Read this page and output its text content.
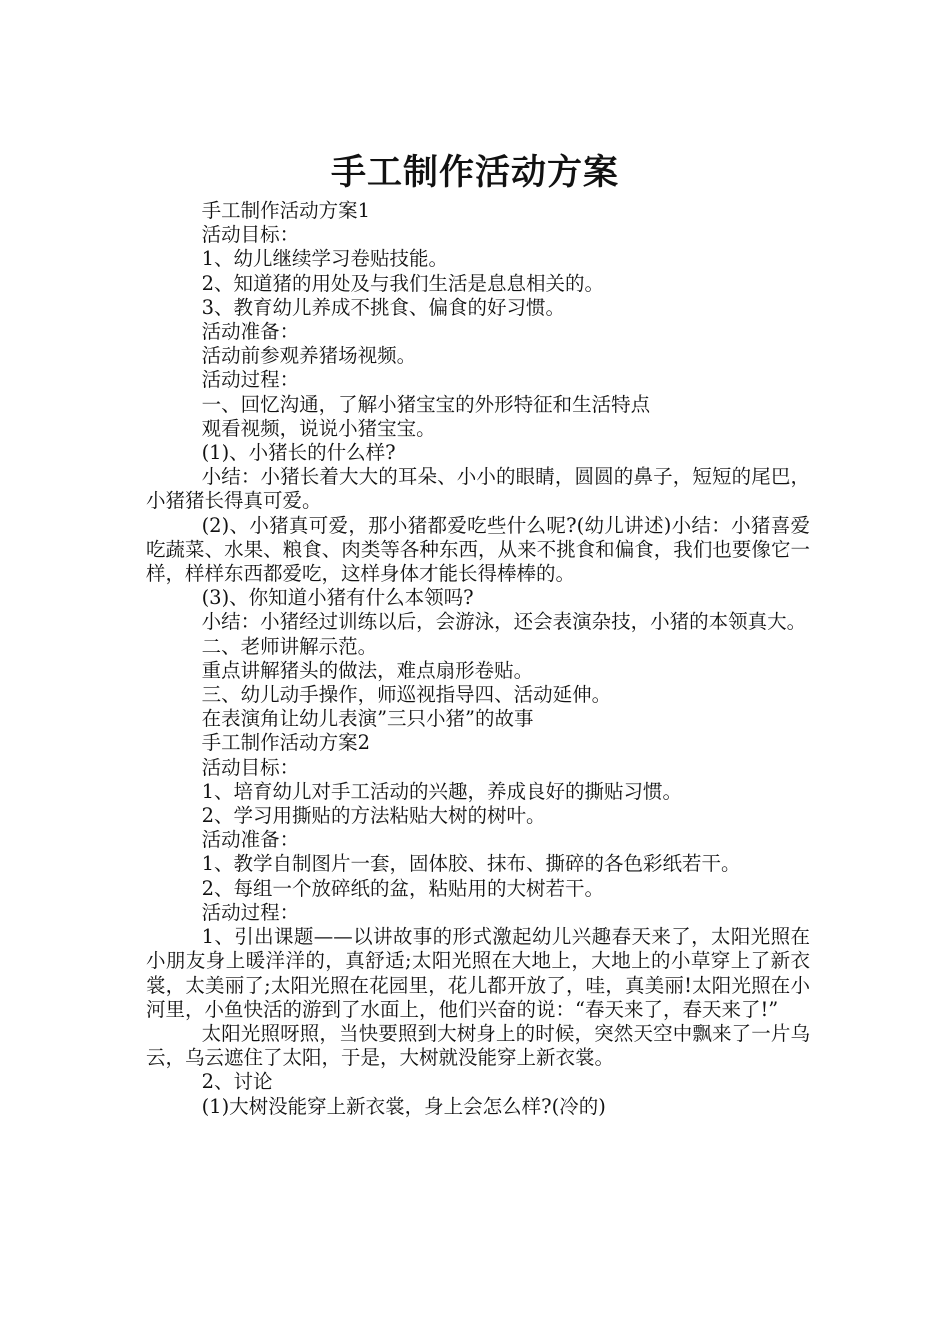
手工制作活动方案

手工制作活动方案1

活动目标：

1、幼儿继续学习卷贴技能。

2、知道猪的用处及与我们生活是息息相关的。

3、教育幼儿养成不挑食、偏食的好习惯。

活动准备：

活动前参观养猪场视频。

活动过程：

一、回忆沟通，了解小猪宝宝的外形特征和生活特点

观看视频，说说小猪宝宝。

(1)、小猪长的什么样?

小结：小猪长着大大的耳朵、小小的眼睛，圆圆的鼻子，短短的尾巴，小猪猪长得真可爱。

(2)、小猪真可爱，那小猪都爱吃些什么呢?(幼儿讲述)小结：小猪喜爱吃蔬菜、水果、粮食、肉类等各种东西，从来不挑食和偏食，我们也要像它一样，样样东西都爱吃，这样身体才能长得棒棒的。

(3)、你知道小猪有什么本领吗?

小结：小猪经过训练以后，会游泳，还会表演杂技，小猪的本领真大。

二、老师讲解示范。

重点讲解猪头的做法，难点扇形卷贴。

三、幼儿动手操作，师巡视指导四、活动延伸。

在表演角让幼儿表演”三只小猪”的故事

手工制作活动方案2

活动目标：

1、培育幼儿对手工活动的兴趣，养成良好的撕贴习惯。

2、学习用撕贴的方法粘贴大树的树叶。

活动准备：

1、教学自制图片一套，固体胶、抹布、撕碎的各色彩纸若干。

2、每组一个放碎纸的盆，粘贴用的大树若干。

活动过程：

1、引出课题——以讲故事的形式激起幼儿兴趣春天来了，太阳光照在小朋友身上暖洋洋的，真舒适;太阳光照在大地上，大地上的小草穿上了新衣裳，太美丽了;太阳光照在花园里，花儿都开放了，哇，真美丽!太阳光照在小河里，小鱼快活的游到了水面上，他们兴奋的说：“春天来了，春天来了!”

太阳光照呀照，当快要照到大树身上的时候，突然天空中飘来了一片乌云，乌云遮住了太阳，于是，大树就没能穿上新衣裳。

2、讨论

(1)大树没能穿上新衣裳，身上会怎么样?(冷的)
